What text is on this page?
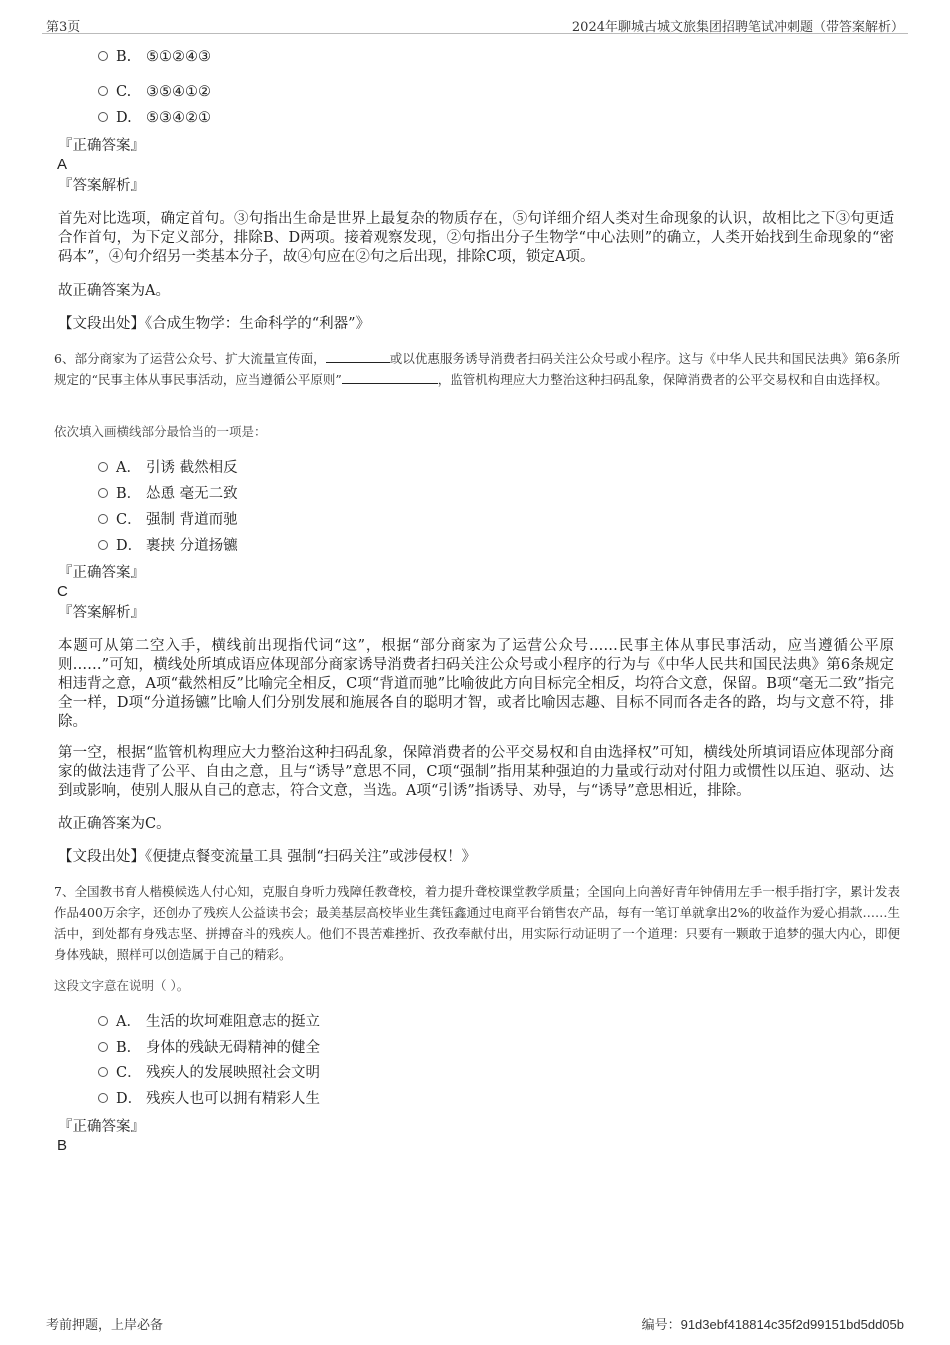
第3页	2024年聊城古城文旅集团招聘笔试冲刺题（带答案解析）
B. ⑤①②④③
C. ③⑤④①②
D. ⑤③④②①
『正确答案』
A
『答案解析』
首先对比选项，确定首句。③句指出生命是世界上最复杂的物质存在，⑤句详细介绍人类对生命现象的认识，故相比之下③句更适合作首句，为下定义部分，排除B、D两项。接着观察发现，②句指出分子生物学“中心法则”的确立，人类开始找到生命现象的“密码本”，④句介绍另一类基本分子，故④句应在②句之后出现，排除C项，锁定A项。
故正确答案为A。
【文段出处】《合成生物学：生命科学的“利器”》
6、部分商家为了运营公众号、扩大流量宣传面，	或以优惠服务诱导消费者扫码关注公众号或小程序。这与《中华人民共和国民法典》第6条所规定的“民事主体从事民事活动，应当遵循公平原则”	，监管机构理应大力整治这种扫码乱象，保障消费者的公平交易权和自由选择权。
依次填入画横线部分最恰当的一项是：
A． 引诱 截然相反
B． 怂恿 毫无二致
C． 强制 背道而驰
D． 裹挟 分道扬镳
『正确答案』
C
『答案解析』
本题可从第二空入手，横线前出现指代词“这”，根据“部分商家为了运营公众号……民事主体从事民事活动，应当遵循公平原则……”可知，横线处所填成语应体现部分商家诱导消费者扫码关注公众号或小程序的行为与《中华人民共和国民法典》第6条规定相违背之意，A项“截然相反”比喻完全相反，C项“背道而驰”比喻彼此方向目标完全相反，均符合文意，保留。B项“毫无二致”指完全一样，D项“分道扬镳”比喻人们分别发展和施展各自的聪明才智，或者比喻因志趣、目标不同而各走各的路，均与文意不符，排除。
第一空，根据“监管机构理应大力整治这种扫码乱象，保障消费者的公平交易权和自由选择权”可知，横线处所填词语应体现部分商家的做法违背了公平、自由之意，且与“诱导”意思不同，C项“强制”指用某种强迫的力量或行动对付阻力或惯性以压迫、驱动、达到或影响，使别人服从自己的意志，符合文意，当选。A项“引诱”指诱导、劝导，与“诱导”意思相近，排除。
故正确答案为C。
【文段出处】《便捷点餐变流量工具 强制“扫码关注”或涉侵权！》
7、全国教书育人楷模候选人付心知，克服自身听力残障任教聋校，着力提升聋校课堂教学质量；全国向上向善好青年钟倩用左手一根手指打字，累计发表作品400万余字，还创办了残疾人公益读书会；最美基层高校毕业生龚钰鑫通过电商平台销售农产品，每有一笔订单就拿出2%的收益作为爱心捐款……生活中，到处都有身残志坚、拼搏奋斗的残疾人。他们不畏苦难挫折、孜孜奉献付出，用实际行动证明了一个道理：只要有一颗敢于追梦的强大内心，即便身体残缺，照样可以创造属于自己的精彩。
这段文字意在说明（ ）。
A． 生活的坎坷难阻意志的挺立
B． 身体的残缺无碍精神的健全
C． 残疾人的发展映照社会文明
D． 残疾人也可以拥有精彩人生
『正确答案』
B
考前押题，上岸必备	编号：91d3ebf418814c35f2d99151bd5dd05b
